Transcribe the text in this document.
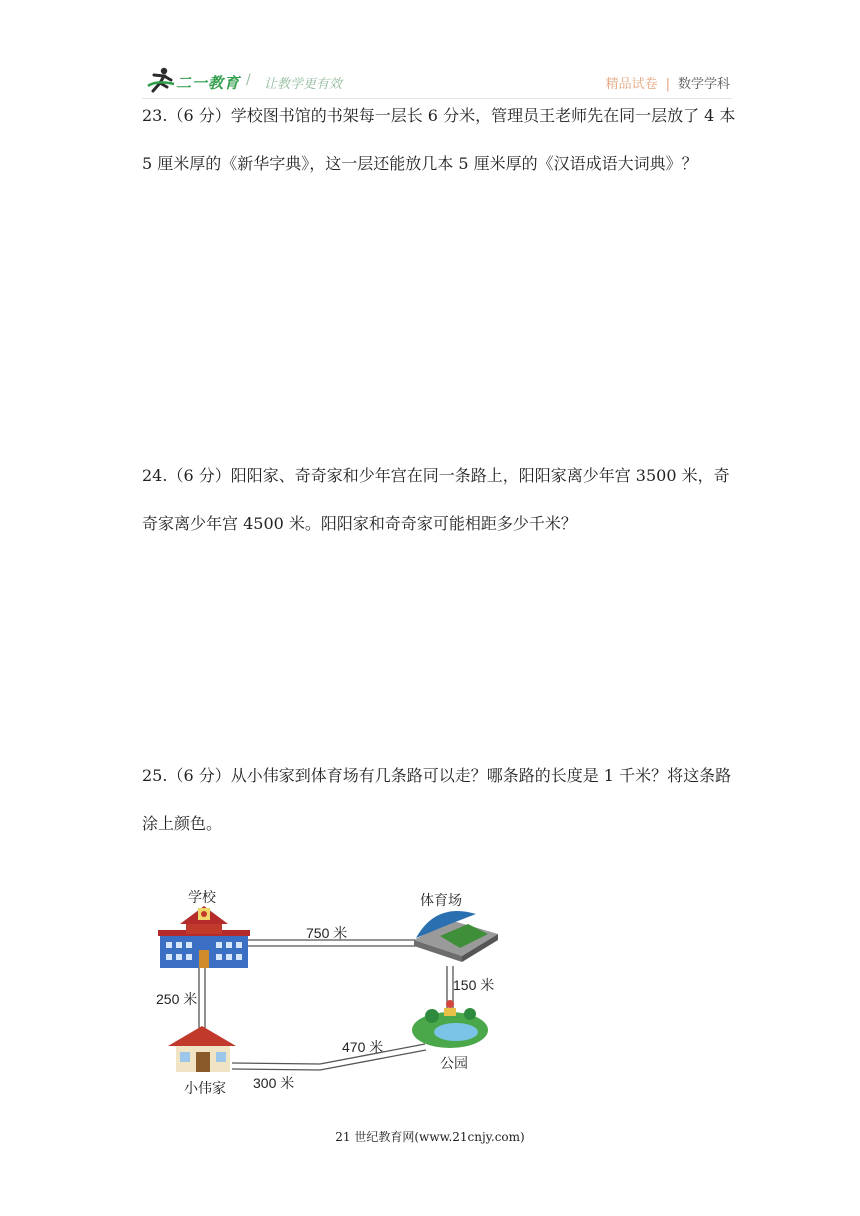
二一教育 / 让教学更有效	精品试卷 | 数学学科

23.（6 分）学校图书馆的书架每一层长 6 分米，管理员王老师先在同一层放了 4 本 5 厘米厚的《新华字典》，这一层还能放几本 5 厘米厚的《汉语成语大词典》？

24.（6 分）阳阳家、奇奇家和少年宫在同一条路上，阳阳家离少年宫 3500 米，奇奇家离少年宫 4500 米。阳阳家和奇奇家可能相距多少千米？

25.（6 分）从小伟家到体育场有几条路可以走？哪条路的长度是 1 千米？将这条路涂上颜色。

学校	体育场
公园
小伟家
750 米
250 米
150 米
470 米
300 米
21 世纪教育网(www.21cnjy.com)
